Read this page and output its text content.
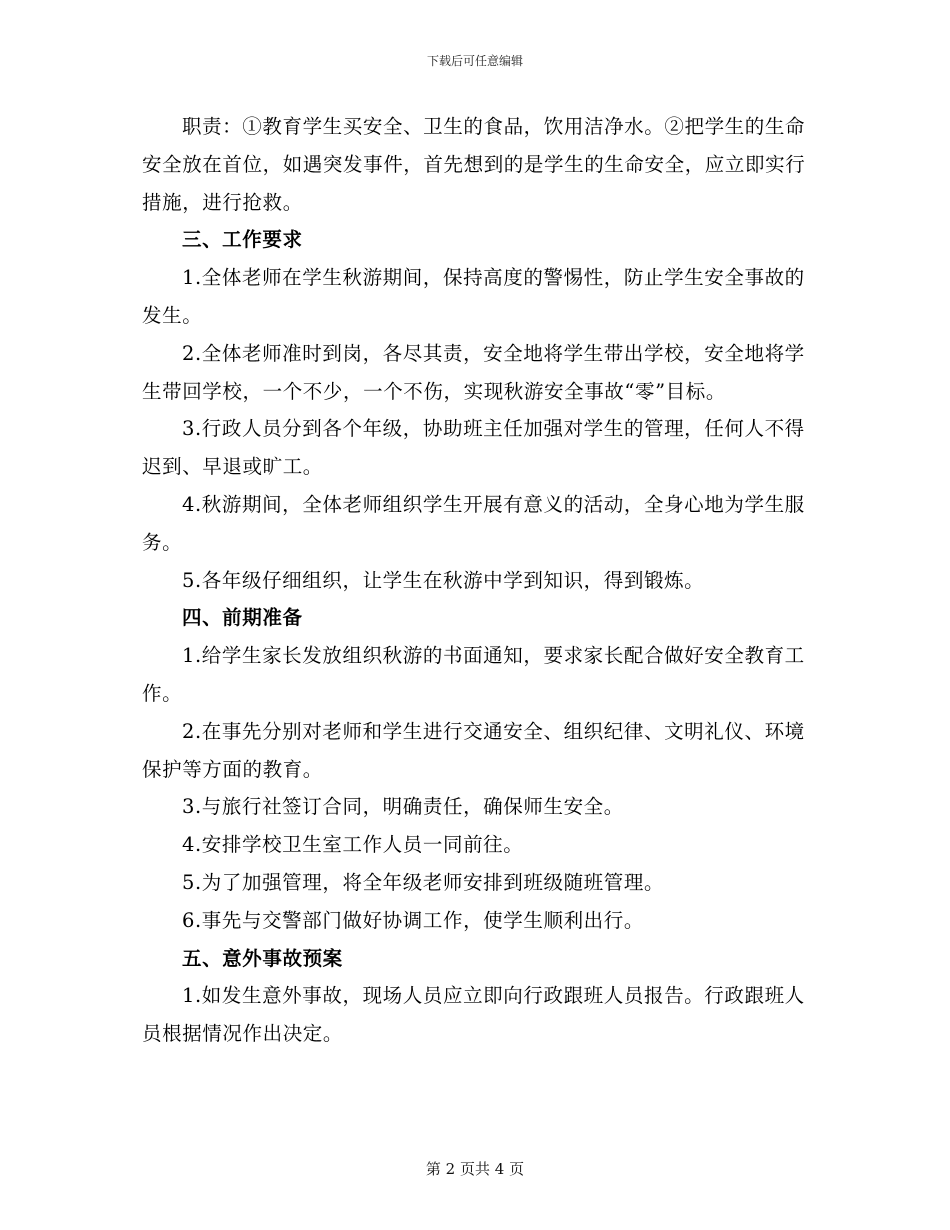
下载后可任意编辑

职责：①教育学生买安全、卫生的食品，饮用洁净水。②把学生的生命安全放在首位，如遇突发事件，首先想到的是学生的生命安全，应立即实行措施，进行抢救。

三、工作要求

1.全体老师在学生秋游期间，保持高度的警惕性，防止学生安全事故的发生。

2.全体老师准时到岗，各尽其责，安全地将学生带出学校，安全地将学生带回学校，一个不少，一个不伤，实现秋游安全事故“零”目标。

3.行政人员分到各个年级，协助班主任加强对学生的管理，任何人不得迟到、早退或旷工。

4.秋游期间，全体老师组织学生开展有意义的活动，全身心地为学生服务。

5.各年级仔细组织，让学生在秋游中学到知识，得到锻炼。

四、前期准备

1.给学生家长发放组织秋游的书面通知，要求家长配合做好安全教育工作。

2.在事先分别对老师和学生进行交通安全、组织纪律、文明礼仪、环境保护等方面的教育。

3.与旅行社签订合同，明确责任，确保师生安全。

4.安排学校卫生室工作人员一同前往。

5.为了加强管理，将全年级老师安排到班级随班管理。

6.事先与交警部门做好协调工作，使学生顺利出行。

五、意外事故预案

1.如发生意外事故，现场人员应立即向行政跟班人员报告。行政跟班人员根据情况作出决定。

第 2 页共 4 页
